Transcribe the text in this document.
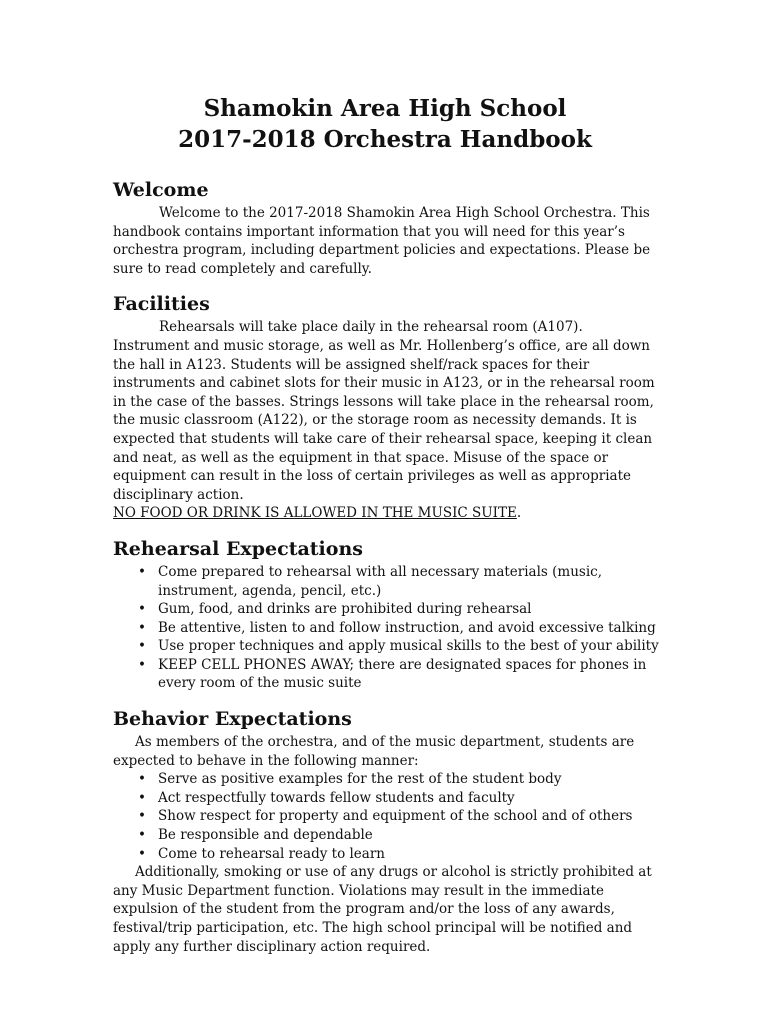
Shamokin Area High School
2017-2018 Orchestra Handbook
Welcome

Welcome to the 2017-2018 Shamokin Area High School Orchestra. This handbook contains important information that you will need for this year’s orchestra program, including department policies and expectations. Please be sure to read completely and carefully.

Facilities

Rehearsals will take place daily in the rehearsal room (A107). Instrument and music storage, as well as Mr. Hollenberg’s office, are all down the hall in A123. Students will be assigned shelf/rack spaces for their instruments and cabinet slots for their music in A123, or in the rehearsal room in the case of the basses. Strings lessons will take place in the rehearsal room, the music classroom (A122), or the storage room as necessity demands. It is expected that students will take care of their rehearsal space, keeping it clean and neat, as well as the equipment in that space. Misuse of the space or equipment can result in the loss of certain privileges as well as appropriate disciplinary action.

NO FOOD OR DRINK IS ALLOWED IN THE MUSIC SUITE.

Rehearsal Expectations
• Come prepared to rehearsal with all necessary materials (music, instrument, agenda, pencil, etc.)
• Gum, food, and drinks are prohibited during rehearsal
• Be attentive, listen to and follow instruction, and avoid excessive talking
• Use proper techniques and apply musical skills to the best of your ability
• KEEP CELL PHONES AWAY; there are designated spaces for phones in every room of the music suite
Behavior Expectations

As members of the orchestra, and of the music department, students are expected to behave in the following manner:

• Serve as positive examples for the rest of the student body
• Act respectfully towards fellow students and faculty
• Show respect for property and equipment of the school and of others
• Be responsible and dependable
• Come to rehearsal ready to learn

Additionally, smoking or use of any drugs or alcohol is strictly prohibited at any Music Department function. Violations may result in the immediate expulsion of the student from the program and/or the loss of any awards, festival/trip participation, etc. The high school principal will be notified and apply any further disciplinary action required.
